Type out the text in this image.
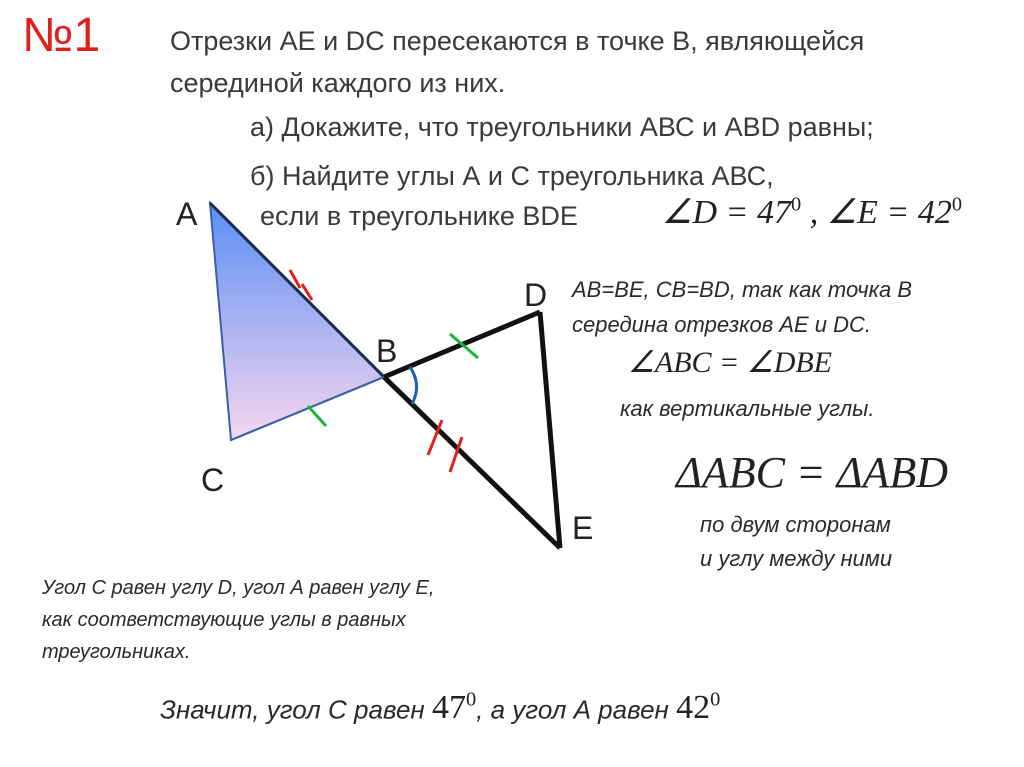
№1	Отрезки АЕ и DC пересекаются в точке В, являющейся
серединой каждого из них.
а) Докажите, что треугольники АВС и АВD равны;
б) Найдите углы А и С треугольника АВС,
если в треугольнике ВDE ∠D = $47^0$ , ∠E = $42^0$
A
B
C
D
E
AB=BE, CB=BD, так как точка B
середина отрезков AE и DC.
∠ABC = ∠DBE
как вертикальные углы.
ΔABC = ΔABD
по двум сторонам
и углу между ними
Угол С равен углу D, угол А равен углу Е,
как соответствующие углы в равных
треугольниках.
Значит, угол С равен $47^0$, а угол А равен $42^0$
